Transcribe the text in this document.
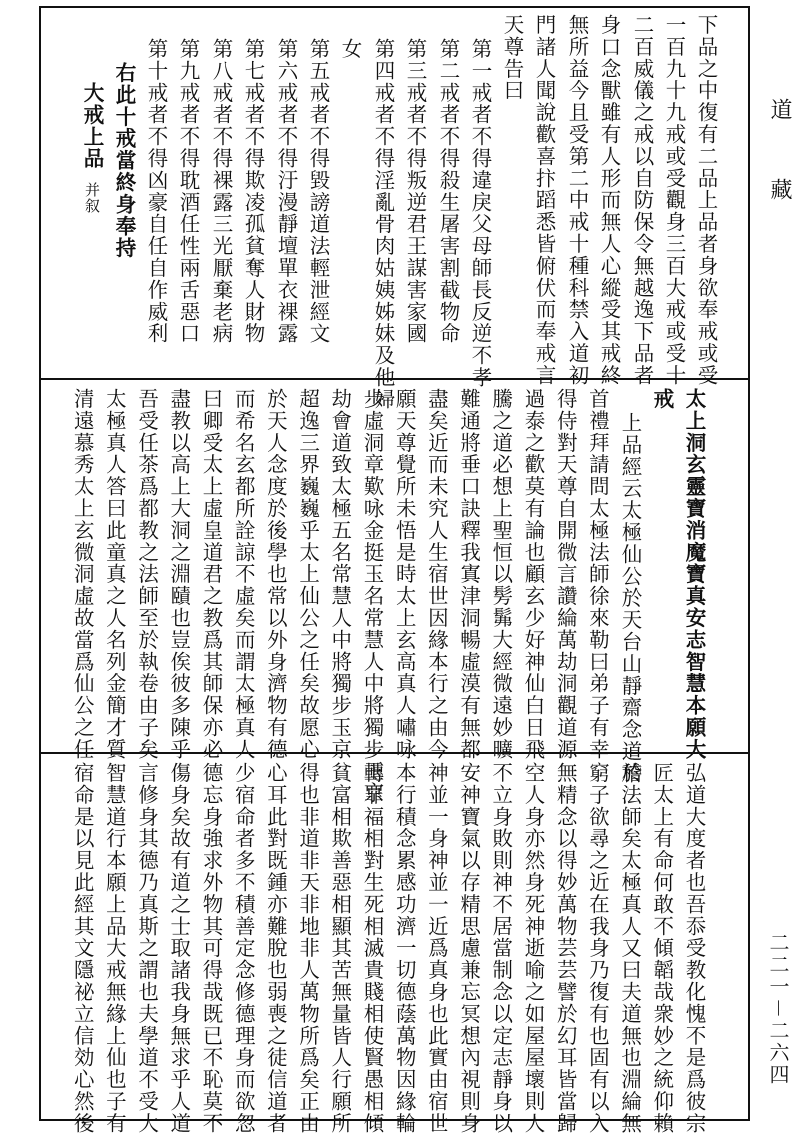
道
藏
二二一－二六四
下品之中復有二品上品者身欲奉戒或受
一百九十九戒或受觀身三百大戒或受十
二百威儀之戒以自防保令無越逸下品者
身口念獸雖有人形而無人心縱受其戒終
無所益今且受第二中戒十種科禁入道初
門諸人聞說歡喜抃蹈悉皆俯伏而奉戒言
天尊告曰
第一戒者不得違戾父母師長反逆不孝
第二戒者不得殺生屠害割截物命
第三戒者不得叛逆君王謀害家國
第四戒者不得淫亂骨肉姑姨姊妹及他婦
女
第五戒者不得毀謗道法輕泄經文
第六戒者不得汙漫靜壇單衣裸露
第七戒者不得欺凌孤貧奪人財物
第八戒者不得裸露三光厭棄老病
第九戒者不得耽酒任性兩舌惡口
第十戒者不得凶豪自任自作威利
右此十戒當終身奉持
大戒上品
并叙
太上洞玄靈寶消魔寶真安志智慧本願大
戒
上品經云太極仙公於天台山靜齋念道稽
首禮拜請問太極法師徐來勒曰弟子有幸
得侍對天尊自開微言讚綸萬劫洞觀道源
過泰之歡莫有論也顧玄少好神仙白日飛
騰之道必想上聖恒以髣髴大經微遠妙曠
難通將垂口訣釋我寘津洞暢虛漠有無都
盡矣近而未究人生宿世因緣本行之由今
願天尊覺所未悟是時太上玄高真人嘯咏
步虛洞章歎咏金挺玉名常慧人中將獨步玉京
劫會道致太極五名常慧人中將獨步玉京
超逸三界巍巍乎太上仙公之任矣故愿心
於天人念度於後學也常以外身濟物有德
而希名玄都所詮諒不虛矣而謂太極真人
曰卿受太上虛皇道君之教爲其師保亦必
盡教以高上大洞之淵賾也豈俟彼多陳乎
吾受任茶爲都教之法師至於執卷由子矣
太極真人答曰此童真之人名列金簡才質
清遠慕秀太上玄微洞虛故當爲仙公之任
弘道大度者也吾忝受教化愧不是爲彼宗
匠太上有命何敢不傾韜哉衆妙之統仰賴
於法師矣太極真人又曰夫道無也淵綸無
窮子欲尋之近在我身乃復有也固有以入
無精念以得妙萬物芸芸譬於幻耳皆當歸
空人身亦然身死神逝喻之如屋屋壞則人
不立身敗則神不居當制念以定志靜身以
安神寶氣以存精思慮兼忘冥想內視則身
神並一身神並一近爲真身也此實由宿世
本行積念累感功濟一切德蔭萬物因緣輪
轉罪福相對生死相滅貴賤相使賢愚相傾
貧富相欺善惡相顯其苦無量皆人行願所
得也非道非天非地非人萬物所爲矣正由
心耳此對既鍾亦難脫也弱喪之徒信道者
少宿命者多不積善定念修德理身而欲忽
德忘身強求外物其可得哉既已不恥莫不
傷身矣故有道之士取諸我身無求乎人道
言修身其德乃真斯之謂也夫學道不受大
智慧道行本願上品大戒無緣上仙也子有
宿命是以見此經其文隱祕立信効心然後
